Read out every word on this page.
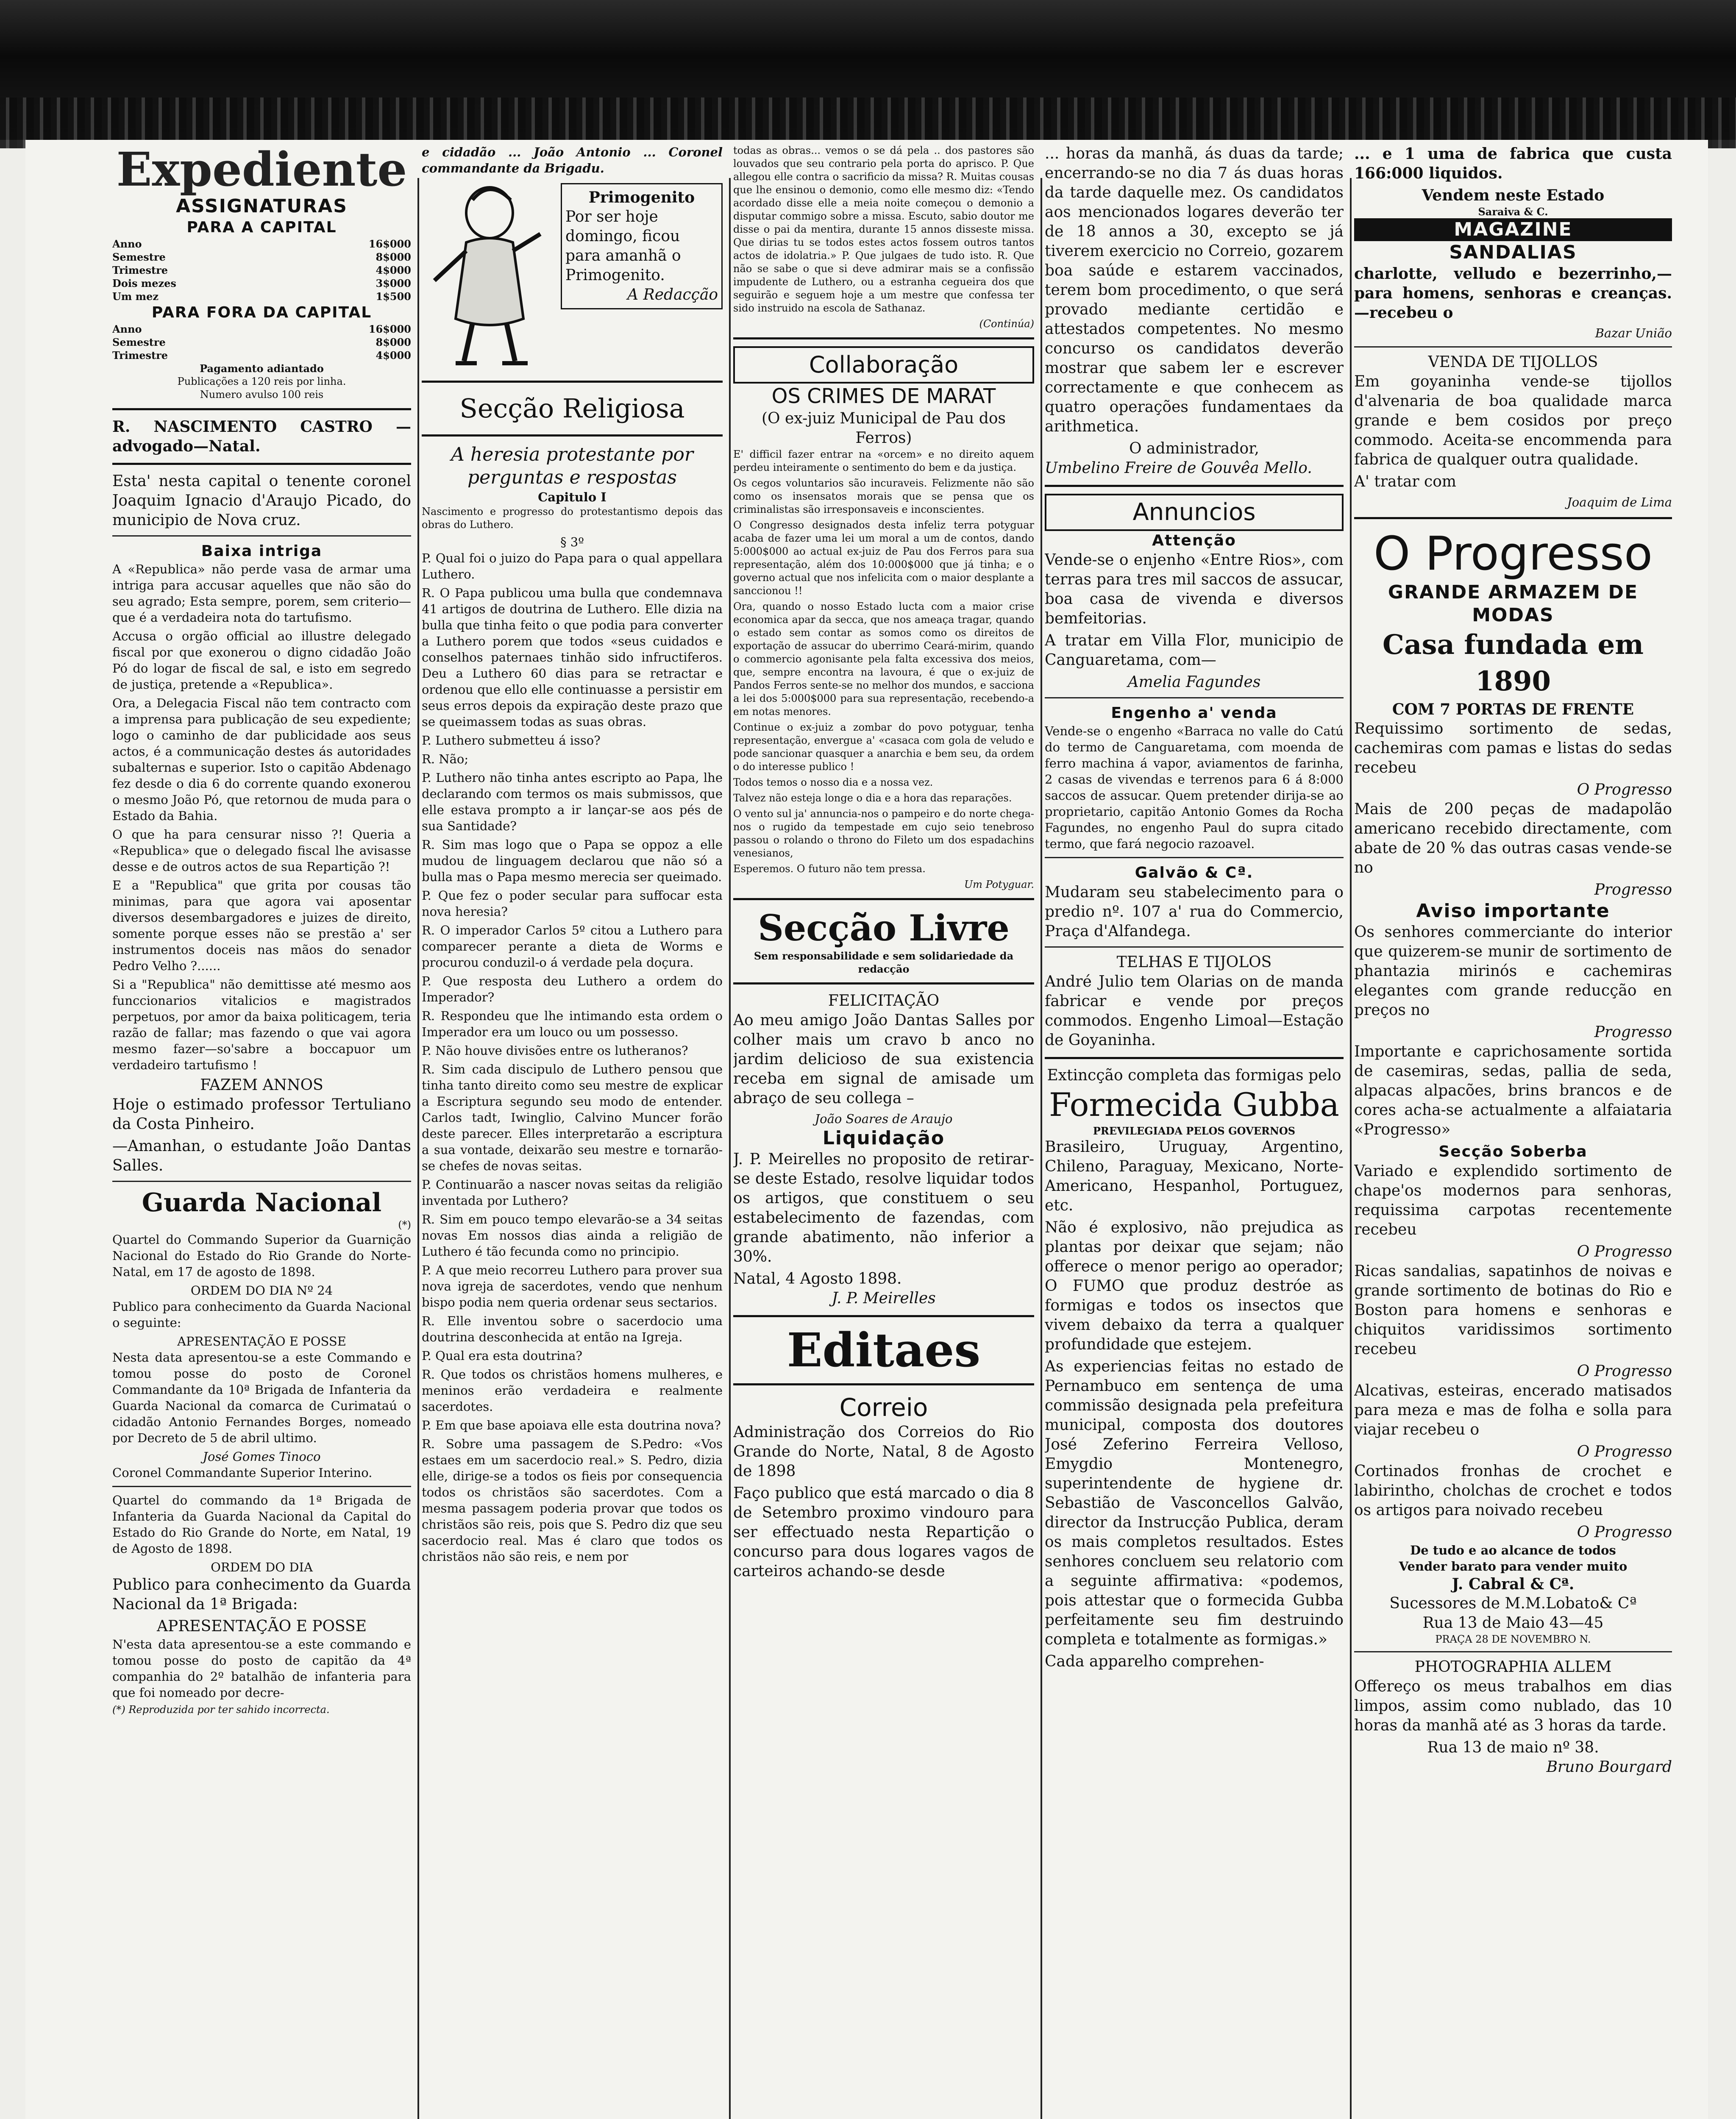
Expediente
ASSIGNATURAS
PARA A CAPITAL
Anno	16$000
Semestre	8$000
Trimestre	4$000
Dois mezes	3$000
Um mez	1$500
PARA FORA DA CAPITAL
Anno	16$000
Semestre	8$000
Trimestre	4$000
Pagamento adiantado
Publicações a 120 reis por linha.
Numero avulso 100 reis

R. NASCIMENTO CASTRO — advogado—Natal.

Esta' nesta capital o tenente coronel Joaquim Ignacio d'Araujo Picado, do municipio de Nova cruz.

Baixa intriga

A «Republica» não perde vasa de armar uma intriga para accusar aquelles que não são do seu agrado; Esta sempre, porem, sem criterio—que é a verdadeira nota do tartufismo.

Accusa o orgão official ao illustre delegado fiscal por que exonerou o digno cidadão João Pó do logar de fiscal de sal, e isto em segredo de justiça, pretende a «Republica».

Ora, a Delegacia Fiscal não tem contracto com a imprensa para publicação de seu expediente; logo o caminho de dar publicidade aos seus actos, é a communicação destes ás autoridades subalternas e superior. Isto o capitão Abdenago fez desde o dia 6 do corrente quando exonerou o mesmo João Pó, que retornou de muda para o Estado da Bahia.

O que ha para censurar nisso ?! Queria a «Republica» que o delegado fiscal lhe avisasse desse e de outros actos de sua Repartição ?!

E a "Republica" que grita por cousas tão minimas, para que agora vai aposentar diversos desembargadores e juizes de direito, somente porque esses não se prestão a' ser instrumentos doceis nas mãos do senador Pedro Velho ?......

Si a "Republica" não demittisse até mesmo aos funccionarios vitalicios e magistrados perpetuos, por amor da baixa politicagem, teria razão de fallar; mas fazendo o que vai agora mesmo fazer—so'sabre a boccapuor um verdadeiro tartufismo !

FAZEM ANNOS

Hoje o estimado professor Tertuliano da Costa Pinheiro.

—Amanhan, o estudante João Dantas Salles.

Guarda Nacional
(*)

Quartel do Commando Superior da Guarnição Nacional do Estado do Rio Grande do Norte-Natal, em 17 de agosto de 1898.

ORDEM DO DIA Nº 24

Publico para conhecimento da Guarda Nacional o seguinte:

APRESENTAÇÃO E POSSE

Nesta data apresentou-se a este Commando e tomou posse do posto de Coronel Commandante da 10ª Brigada de Infanteria da Guarda Nacional da comarca de Curimataú o cidadão Antonio Fernandes Borges, nomeado por Decreto de 5 de abril ultimo.

José Gomes Tinoco

Coronel Commandante Superior Interino.

Quartel do commando da 1ª Brigada de Infanteria da Guarda Nacional da Capital do Estado do Rio Grande do Norte, em Natal, 19 de Agosto de 1898.

ORDEM DO DIA

Publico para conhecimento da Guarda Nacional da 1ª Brigada:

APRESENTAÇÃO E POSSE

N'esta data apresentou-se a este commando e tomou posse do posto de capitão da 4ª companhia do 2º batalhão de infanteria para que foi nomeado por decre-

(*) Reproduzida por ter sahido incorrecta.

e cidadão ... João Antonio ... Coronel commandante da Brigadu.

Primogenito
Por ser hoje domingo, ficou para amanhã o Primogenito.
A Redacção
Secção Religiosa
A heresia protestante por perguntas e respostas
Capitulo I

Nascimento e progresso do protestantismo depois das obras do Luthero.

§ 3º

P. Qual foi o juizo do Papa para o qual appellara Luthero.

R. O Papa publicou uma bulla que condemnava 41 artigos de doutrina de Luthero. Elle dizia na bulla que tinha feito o que podia para converter a Luthero porem que todos «seus cuidados e conselhos paternaes tinhão sido infructiferos. Deu a Luthero 60 dias para se retractar e ordenou que ello elle continuasse a persistir em seus erros depois da expiração deste prazo que se queimassem todas as suas obras.

P. Luthero submetteu á isso?

R. Não;

P. Luthero não tinha antes escripto ao Papa, lhe declarando com termos os mais submissos, que elle estava prompto a ir lançar-se aos pés de sua Santidade?

R. Sim mas logo que o Papa se oppoz a elle mudou de linguagem declarou que não só a bulla mas o Papa mesmo merecia ser queimado.

P. Que fez o poder secular para suffocar esta nova heresia?

R. O imperador Carlos 5º citou a Luthero para comparecer perante a dieta de Worms e procurou conduzil-o á verdade pela doçura.

P. Que resposta deu Luthero a ordem do Imperador?

R. Respondeu que lhe intimando esta ordem o Imperador era um louco ou um possesso.

P. Não houve divisões entre os lutheranos?

R. Sim cada discipulo de Luthero pensou que tinha tanto direito como seu mestre de explicar a Escriptura segundo seu modo de entender. Carlos tadt, Iwinglio, Calvino Muncer forão deste parecer. Elles interpretarão a escriptura a sua vontade, deixarão seu mestre e tornarão-se chefes de novas seitas.

P. Continuarão a nascer novas seitas da religião inventada por Luthero?

R. Sim em pouco tempo elevarão-se a 34 seitas novas Em nossos dias ainda a religião de Luthero é tão fecunda como no principio.

P. A que meio recorreu Luthero para prover sua nova igreja de sacerdotes, vendo que nenhum bispo podia nem queria ordenar seus sectarios.

R. Elle inventou sobre o sacerdocio uma doutrina desconhecida at então na Igreja.

P. Qual era esta doutrina?

R. Que todos os christãos homens mulheres, e meninos erão verdadeira e realmente sacerdotes.

P. Em que base apoiava elle esta doutrina nova?

R. Sobre uma passagem de S.Pedro: «Vos estaes em um sacerdocio real.» S. Pedro, dizia elle, dirige-se a todos os fieis por consequencia todos os christãos são sacerdotes. Com a mesma passagem poderia provar que todos os christãos são reis, pois que S. Pedro diz que seu sacerdocio real. Mas é claro que todos os christãos não são reis, e nem por

todas as obras... vemos o se dá pela .. dos pastores são louvados que seu contrario pela porta do aprisco. P. Que allegou elle contra o sacrificio da missa? R. Muitas cousas que lhe ensinou o demonio, como elle mesmo diz: «Tendo acordado disse elle a meia noite começou o demonio a disputar commigo sobre a missa. Escuto, sabio doutor me disse o pai da mentira, durante 15 annos disseste missa. Que dirias tu se todos estes actos fossem outros tantos actos de idolatria.» P. Que julgaes de tudo isto. R. Que não se sabe o que si deve admirar mais se a confissão impudente de Luthero, ou a estranha cegueira dos que seguirão e seguem hoje a um mestre que confessa ter sido instruido na escola de Sathanaz.

(Continúa)
Collaboração
OS CRIMES DE MARAT
(O ex-juiz Municipal de Pau dos Ferros)

E' difficil fazer entrar na «orcem» e no direito aquem perdeu inteiramente o sentimento do bem e da justiça.

Os cegos voluntarios são incuraveis. Felizmente não são como os insensatos morais que se pensa que os criminalistas são irresponsaveis e inconscientes.

O Congresso designados desta infeliz terra potyguar acaba de fazer uma lei um moral a um de contos, dando 5:000$000 ao actual ex-juiz de Pau dos Ferros para sua representação, além dos 10:000$000 que já tinha; e o governo actual que nos infelicita com o maior desplante a sanccionou !!

Ora, quando o nosso Estado lucta com a maior crise economica apar da secca, que nos ameaça tragar, quando o estado sem contar as somos como os direitos de exportação de assucar do uberrimo Ceará-mirim, quando o commercio agonisante pela falta excessiva dos meios, que, sempre encontra na lavoura, é que o ex-juiz de Pandos Ferros sente-se no melhor dos mundos, e sacciona a lei dos 5:000$000 para sua representação, recebendo-a em notas menores.

Continue o ex-juiz a zombar do povo potyguar, tenha representação, envergue a' «casaca com gola de veludo e pode sancionar quasquer a anarchia e bem seu, da ordem o do interesse publico !

Todos temos o nosso dia e a nossa vez.

Talvez não esteja longe o dia e a hora das reparações.

O vento sul ja' annuncia-nos o pampeiro e do norte chega-nos o rugido da tempestade em cujo seio tenebroso passou o rolando o throno do Fileto um dos espadachins venesianos,

Esperemos. O futuro não tem pressa.

Um Potyguar.
Secção Livre
Sem responsabilidade e sem solidariedade da redacção
FELICITAÇÃO

Ao meu amigo João Dantas Salles por colher mais um cravo b anco no jardim delicioso de sua existencia receba em signal de amisade um abraço de seu collega –

João Soares de Araujo
Liquidação

J. P. Meirelles no proposito de retirar-se deste Estado, resolve liquidar todos os artigos, que constituem o seu estabelecimento de fazendas, com grande abatimento, não inferior a 30%.

Natal, 4 Agosto 1898.
J. P. Meirelles
Editaes
Correio

Administração dos Correios do Rio Grande do Norte, Natal, 8 de Agosto de 1898

Faço publico que está marcado o dia 8 de Setembro proximo vindouro para ser effectuado nesta Repartição o concurso para dous logares vagos de carteiros achando-se desde

... horas da manhã, ás duas da tarde; encerrando-se no dia 7 ás duas horas da tarde daquelle mez. Os candidatos aos mencionados logares deverão ter de 18 annos a 30, excepto se já tiverem exercicio no Correio, gozarem boa saúde e estarem vaccinados, terem bom procedimento, o que será provado mediante certidão e attestados competentes. No mesmo concurso os candidatos deverão mostrar que sabem ler e escrever correctamente e que conhecem as quatro operações fundamentaes da arithmetica.

O administrador,
Umbelino Freire de Gouvêa Mello.
Annuncios
Attenção

Vende-se o enjenho «Entre Rios», com terras para tres mil saccos de assucar, boa casa de vivenda e diversos bemfeitorias.

A tratar em Villa Flor, municipio de Canguaretama, com—

Amelia Fagundes
Engenho a' venda

Vende-se o engenho «Barraca no valle do Catú do termo de Canguaretama, com moenda de ferro machina á vapor, aviamentos de farinha, 2 casas de vivendas e terrenos para 6 á 8:000 saccos de assucar. Quem pretender dirija-se ao proprietario, capitão Antonio Gomes da Rocha Fagundes, no engenho Paul do supra citado termo, que fará negocio razoavel.

Galvão & Cª.

Mudaram seu stabelecimento para o predio nº. 107 a' rua do Commercio, Praça d'Alfandega.

TELHAS E TIJOLOS

André Julio tem Olarias on de manda fabricar e vende por preços commodos. Engenho Limoal—Estação de Goyaninha.

Extincção completa das formigas pelo
Formecida Gubba
PREVILEGIADA PELOS GOVERNOS

Brasileiro, Uruguay, Argentino, Chileno, Paraguay, Mexicano, Norte-Americano, Hespanhol, Portuguez, etc.

Não é explosivo, não prejudica as plantas por deixar que sejam; não offerece o menor perigo ao operador; O FUMO que produz destróe as formigas e todos os insectos que vivem debaixo da terra a qualquer profundidade que estejem.

As experiencias feitas no estado de Pernambuco em sentença de uma commissão designada pela prefeitura municipal, composta dos doutores José Zeferino Ferreira Velloso, Emygdio Montenegro, superintendente de hygiene dr. Sebastião de Vasconcellos Galvão, director da Instrucção Publica, deram os mais completos resultados. Estes senhores concluem seu relatorio com a seguinte affirmativa: «podemos, pois attestar que o formecida Gubba perfeitamente seu fim destruindo completa e totalmente as formigas.»

Cada apparelho comprehen-

... e 1 uma de fabrica que custa 166:000 liquidos.

Vendem neste Estado
Saraiva & C.
MAGAZINE
SANDALIAS

charlotte, velludo e bezerrinho,— para homens, senhoras e creanças. —recebeu o

Bazar União
VENDA DE TIJOLLOS

Em goyaninha vende-se tijollos d'alvenaria de boa qualidade marca grande e bem cosidos por preço commodo. Aceita-se encommenda para fabrica de qualquer outra qualidade.

A' tratar com

Joaquim de Lima
O Progresso
GRANDE ARMAZEM DE MODAS
Casa fundada em 1890
COM 7 PORTAS DE FRENTE

Requissimo sortimento de sedas, cachemiras com pamas e listas do sedas recebeu

O Progresso

Mais de 200 peças de madapolão americano recebido directamente, com abate de 20 % das outras casas vende-se no

Progresso
Aviso importante

Os senhores commerciante do interior que quizerem-se munir de sortimento de phantazia mirinós e cachemiras elegantes com grande reducção en preços no

Progresso

Importante e caprichosamente sortida de casemiras, sedas, pallia de seda, alpacas alpacões, brins brancos e de cores acha-se actualmente a alfaiataria «Progresso»

Secção Soberba

Variado e explendido sortimento de chape'os modernos para senhoras, requissima carpotas recentemente recebeu

O Progresso

Ricas sandalias, sapatinhos de noivas e grande sortimento de botinas do Rio e Boston para homens e senhoras e chiquitos varidissimos sortimento recebeu

O Progresso

Alcativas, esteiras, encerado matisados para meza e mas de folha e solla para viajar recebeu o

O Progresso

Cortinados fronhas de crochet e labirintho, cholchas de crochet e todos os artigos para noivado recebeu

O Progresso
De tudo e ao alcance de todos
Vender barato para vender muito
J. Cabral & Cª.
Sucessores de M.M.Lobato& Cª
Rua 13 de Maio 43—45
PRAÇA 28 DE NOVEMBRO N.
PHOTOGRAPHIA ALLEM

Offereço os meus trabalhos em dias limpos, assim como nublado, das 10 horas da manhã até as 3 horas da tarde.

Rua 13 de maio nº 38.
Bruno Bourgard
